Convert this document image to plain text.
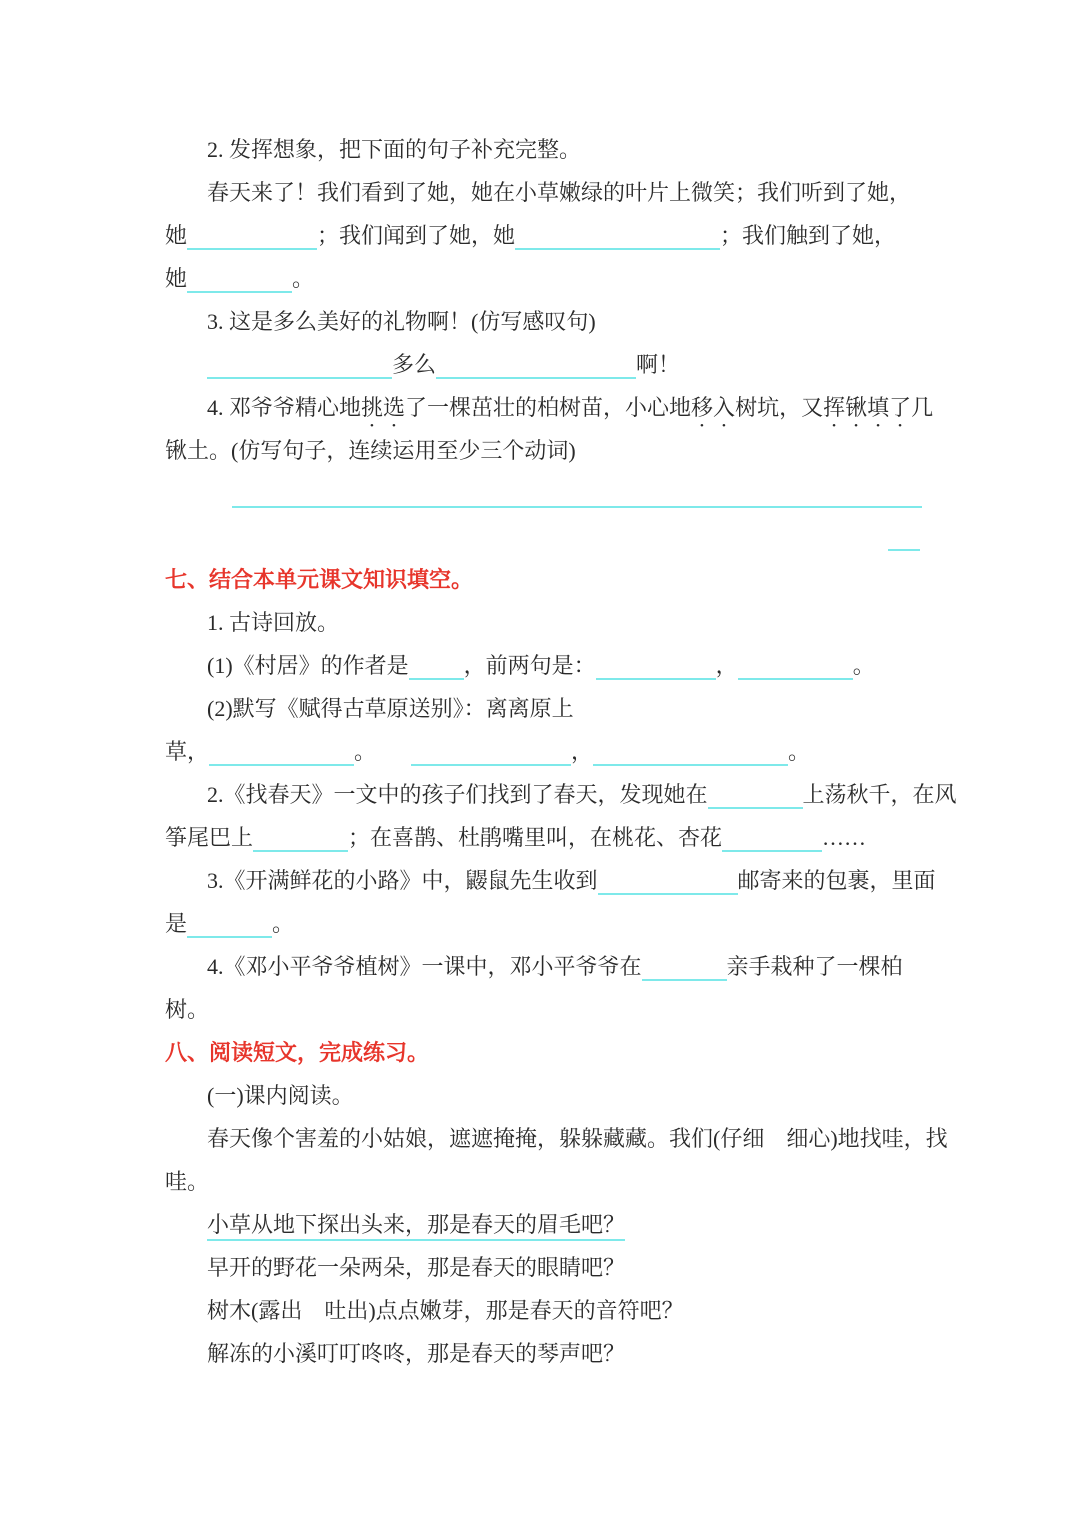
2. 发挥想象，把下面的句子补充完整。
春天来了！我们看到了她，她在小草嫩绿的叶片上微笑；我们听到了她，
她	；我们闻到了她，她	；我们触到了她，
她	。
3. 这是多么美好的礼物啊！(仿写感叹句)
多么	啊！
4. 邓爷爷精心地挑选了一棵茁壮的柏树苗，小心地移入树坑，又挥锹填了几
锹土。(仿写句子，连续运用至少三个动词)
七、结合本单元课文知识填空。
1. 古诗回放。
(1)《村居》的作者是	，前两句是：	，	。
(2)默写《赋得古草原送别》：离离原上
草，	。	，	。
2.《找春天》一文中的孩子们找到了春天，发现她在	上荡秋千，在风
筝尾巴上	；在喜鹊、杜鹃嘴里叫，在桃花、杏花	……
3.《开满鲜花的小路》中，鼹鼠先生收到	邮寄来的包裹，里面
是	。
4.《邓小平爷爷植树》一课中，邓小平爷爷在	亲手栽种了一棵柏
树。
八、阅读短文，完成练习。
(一)课内阅读。
春天像个害羞的小姑娘，遮遮掩掩，躲躲藏藏。我们(仔细　细心)地找哇，找
哇。
小草从地下探出头来，那是春天的眉毛吧？
早开的野花一朵两朵，那是春天的眼睛吧？
树木(露出　吐出)点点嫩芽，那是春天的音符吧？
解冻的小溪叮叮咚咚，那是春天的琴声吧？
